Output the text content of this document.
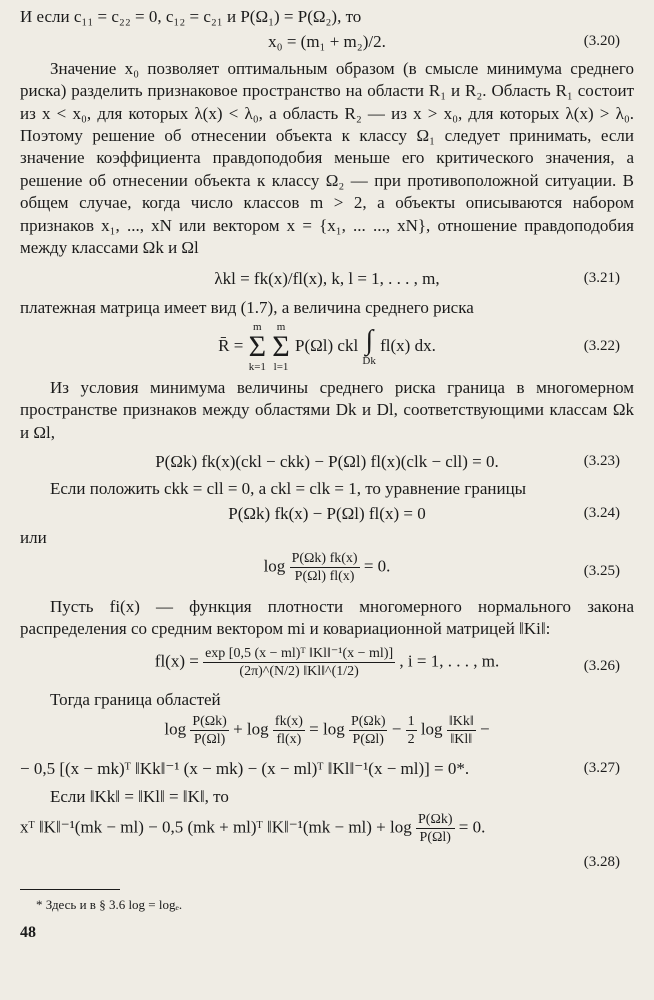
И если c₁₁ = c₂₂ = 0, c₁₂ = c₂₁ и P(Ω₁) = P(Ω₂), то

x₀ = (m₁ + m₂)/2.	(3.20)

Значение x₀ позволяет оптимальным образом (в смысле минимума среднего риска) разделить признаковое пространство на области R₁ и R₂. Область R₁ состоит из x < x₀, для которых λ(x) < λ₀, а область R₂ — из x > x₀, для которых λ(x) > λ₀. Поэтому решение об отнесении объекта к классу Ω₁ следует принимать, если значение коэффициента правдоподобия меньше его критического значения, а решение об отнесении объекта к классу Ω₂ — при противоположной ситуации. В общем случае, когда число классов m > 2, а объекты описываются набором признаков x₁, ..., xN или вектором x = {x₁, ... ..., xN}, отношение правдоподобия между классами Ωk и Ωl

λkl = fk(x)/fl(x), k, l = 1, . . . , m,	(3.21)

платежная матрица имеет вид (1.7), а величина среднего риска

R̄ =
m
Σ
k=1

m
Σ
l=1
P(Ωl) ckl ∫
Dk
fl(x) dx.	(3.22)

Из условия минимума величины среднего риска граница в многомерном пространстве признаков между областями Dk и Dl, соответствующими классам Ωk и Ωl,

P(Ωk) fk(x)(ckl − ckk) − P(Ωl) fl(x)(clk − cll) = 0.	(3.23)

Если положить ckk = cll = 0, а ckl = clk = 1, то уравнение границы

P(Ωk) fk(x) − P(Ωl) fl(x) = 0	(3.24)

или

$\log \frac{P(\Omega k) fk(x)}{P(\Omega l) fl(x)} = 0$.	(3.25)

Пусть fi(x) — функция плотности многомерного нормального закона распределения со средним вектором mi и ковариационной матрицей ‖Ki‖:

$fl(x) = \frac{\text{exp [0,5 (x − ml)ᵀ ‖Kl‖⁻¹(x − ml)]}}{(2\pi)\^{}(N/2) ‖Kl‖\^{}(1/2)}$ , i = 1, . . . , m.	(3.26)

Тогда граница областей

$\log \frac{P(\Omega k)}{P(\Omega l)} + \log \frac{fk(x)}{fl(x)} = \log \frac{P(\Omega k)}{P(\Omega l)} - \frac{1}{2}$ $\log \frac{‖Kk‖}{‖Kl‖}$ −
− 0,5 [(x − mk)ᵀ ‖Kk‖⁻¹ (x − mk) − (x − ml)ᵀ ‖Kl‖⁻¹(x − ml)] = 0*.	(3.27)

Если ‖Kk‖ = ‖Kl‖ = ‖K‖, то

xᵀ ‖K‖⁻¹(mk − ml) − 0,5 (mk + ml)ᵀ ‖K‖⁻¹(mk − $ml) + \log \frac{P(\Omega k)}{P(\Omega l)} = 0$.
(3.28)
* Здесь и в § 3.6 log = logₑ.
48
